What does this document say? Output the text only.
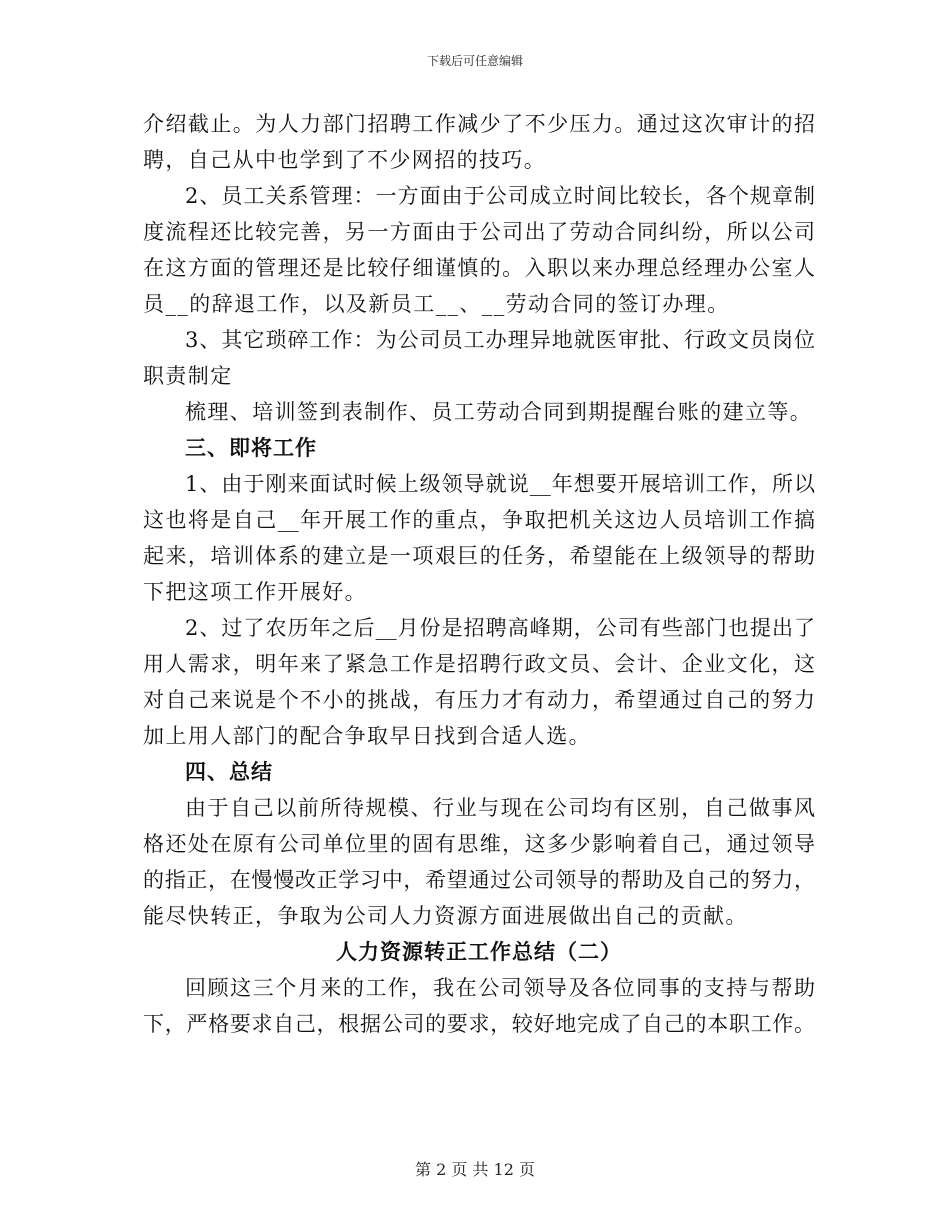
下载后可任意编辑
介绍截止。为人力部门招聘工作减少了不少压力。通过这次审计的招
聘，自己从中也学到了不少网招的技巧。
2、员工关系管理：一方面由于公司成立时间比较长，各个规章制
度流程还比较完善，另一方面由于公司出了劳动合同纠纷，所以公司
在这方面的管理还是比较仔细谨慎的。入职以来办理总经理办公室人
员__的辞退工作，以及新员工__、__劳动合同的签订办理。
3、其它琐碎工作：为公司员工办理异地就医审批、行政文员岗位
职责制定
梳理、培训签到表制作、员工劳动合同到期提醒台账的建立等。
三、即将工作
1、由于刚来面试时候上级领导就说__年想要开展培训工作，所以
这也将是自己__年开展工作的重点，争取把机关这边人员培训工作搞
起来，培训体系的建立是一项艰巨的任务，希望能在上级领导的帮助
下把这项工作开展好。
2、过了农历年之后__月份是招聘高峰期，公司有些部门也提出了
用人需求，明年来了紧急工作是招聘行政文员、会计、企业文化，这
对自己来说是个不小的挑战，有压力才有动力，希望通过自己的努力
加上用人部门的配合争取早日找到合适人选。
四、总结
由于自己以前所待规模、行业与现在公司均有区别，自己做事风
格还处在原有公司单位里的固有思维，这多少影响着自己，通过领导
的指正，在慢慢改正学习中，希望通过公司领导的帮助及自己的努力，
能尽快转正，争取为公司人力资源方面进展做出自己的贡献。
人力资源转正工作总结（二）
回顾这三个月来的工作，我在公司领导及各位同事的支持与帮助
下，严格要求自己，根据公司的要求，较好地完成了自己的本职工作。
第 2 页 共 12 页
